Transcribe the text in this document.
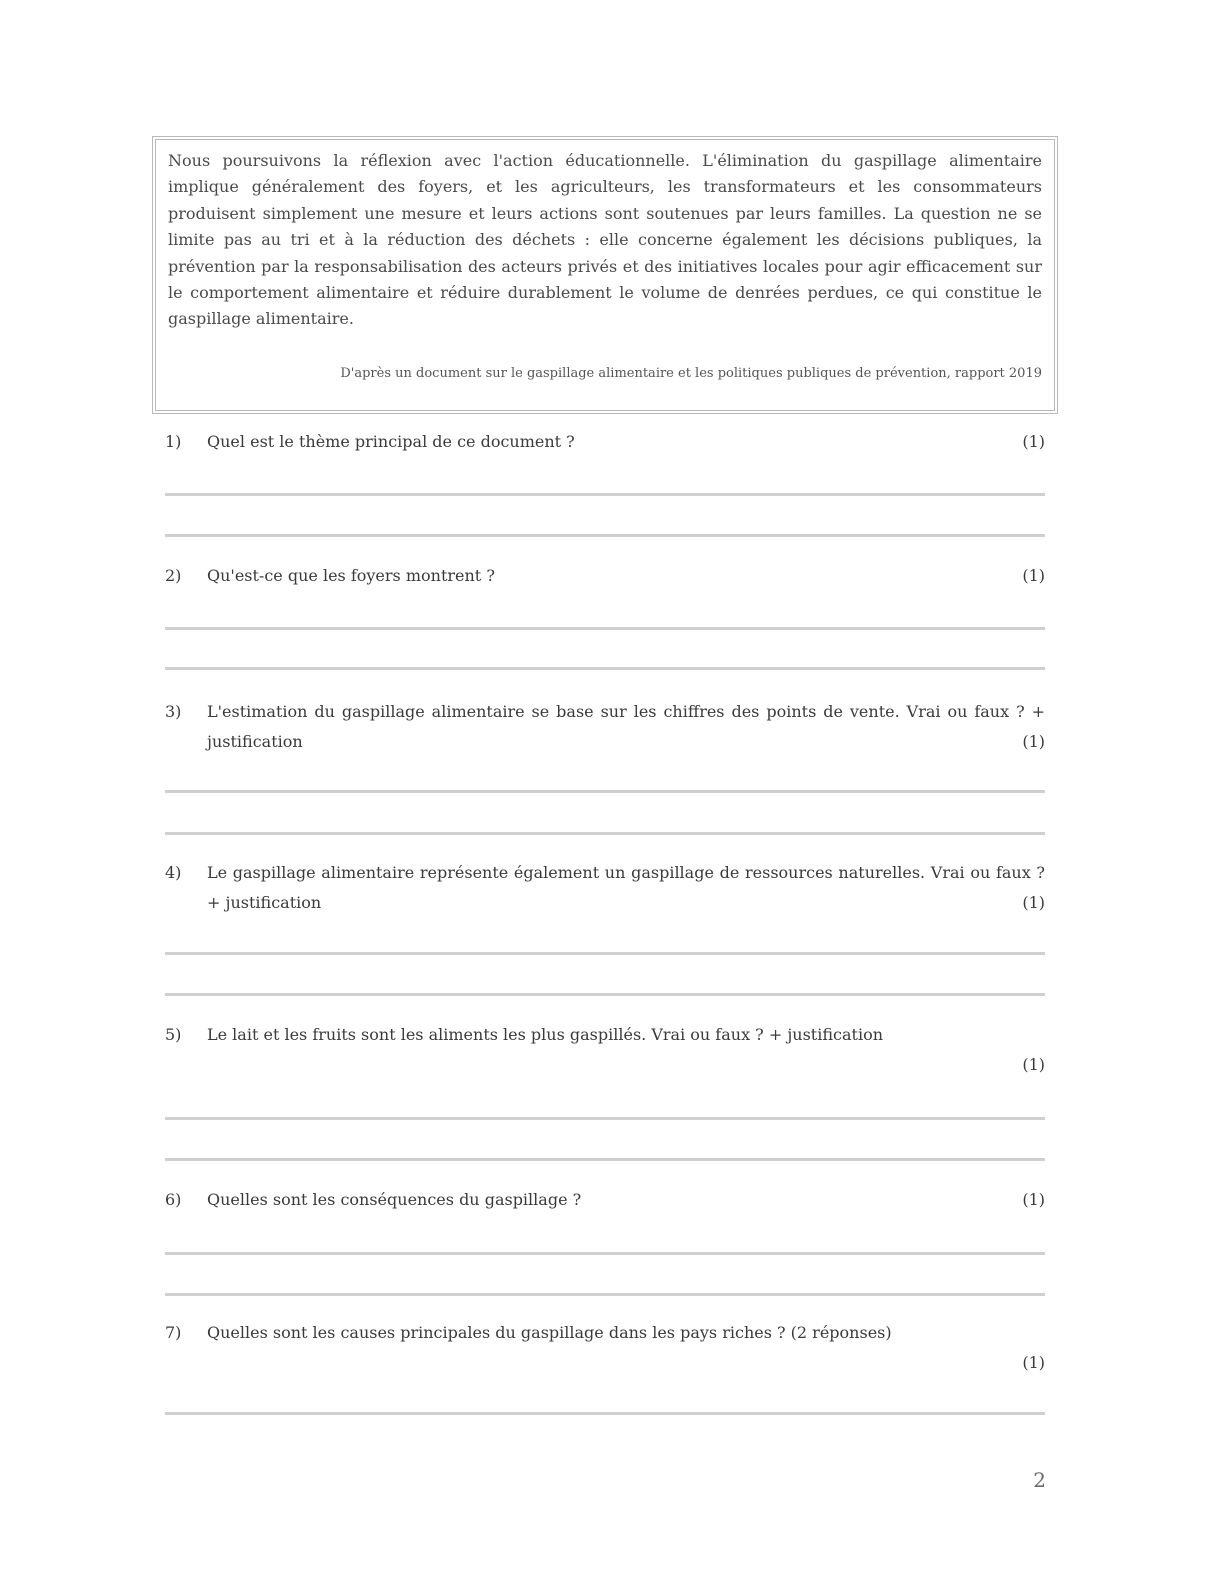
Nous poursuivons la réflexion avec l'action éducationnelle. L'élimination du gaspillage alimentaire implique généralement des foyers, et les agriculteurs, les transformateurs et les consommateurs produisent simplement une mesure et leurs actions sont soutenues par leurs familles. La question ne se limite pas au tri et à la réduction des déchets : elle concerne également les décisions publiques, la prévention par la responsabilisation des acteurs privés et des initiatives locales pour agir efficacement sur le comportement alimentaire et réduire durablement le volume de denrées perdues, ce qui constitue le gaspillage alimentaire.

D'après un document sur le gaspillage alimentaire et les politiques publiques de prévention, rapport 2019

1)	Quel est le thème principal de ce document ?	(1)
2)	Qu'est-ce que les foyers montrent ?	(1)
3)	L'estimation du gaspillage alimentaire se base sur les chiffres des points de vente. Vrai ou faux ? + justification	(1)
4)	Le gaspillage alimentaire représente également un gaspillage de ressources naturelles. Vrai ou faux ? + justification	(1)
5)	Le lait et les fruits sont les aliments les plus gaspillés. Vrai ou faux ? + justification
(1)
6)	Quelles sont les conséquences du gaspillage ?	(1)
7)	Quelles sont les causes principales du gaspillage dans les pays riches ? (2 réponses)
(1)
2
